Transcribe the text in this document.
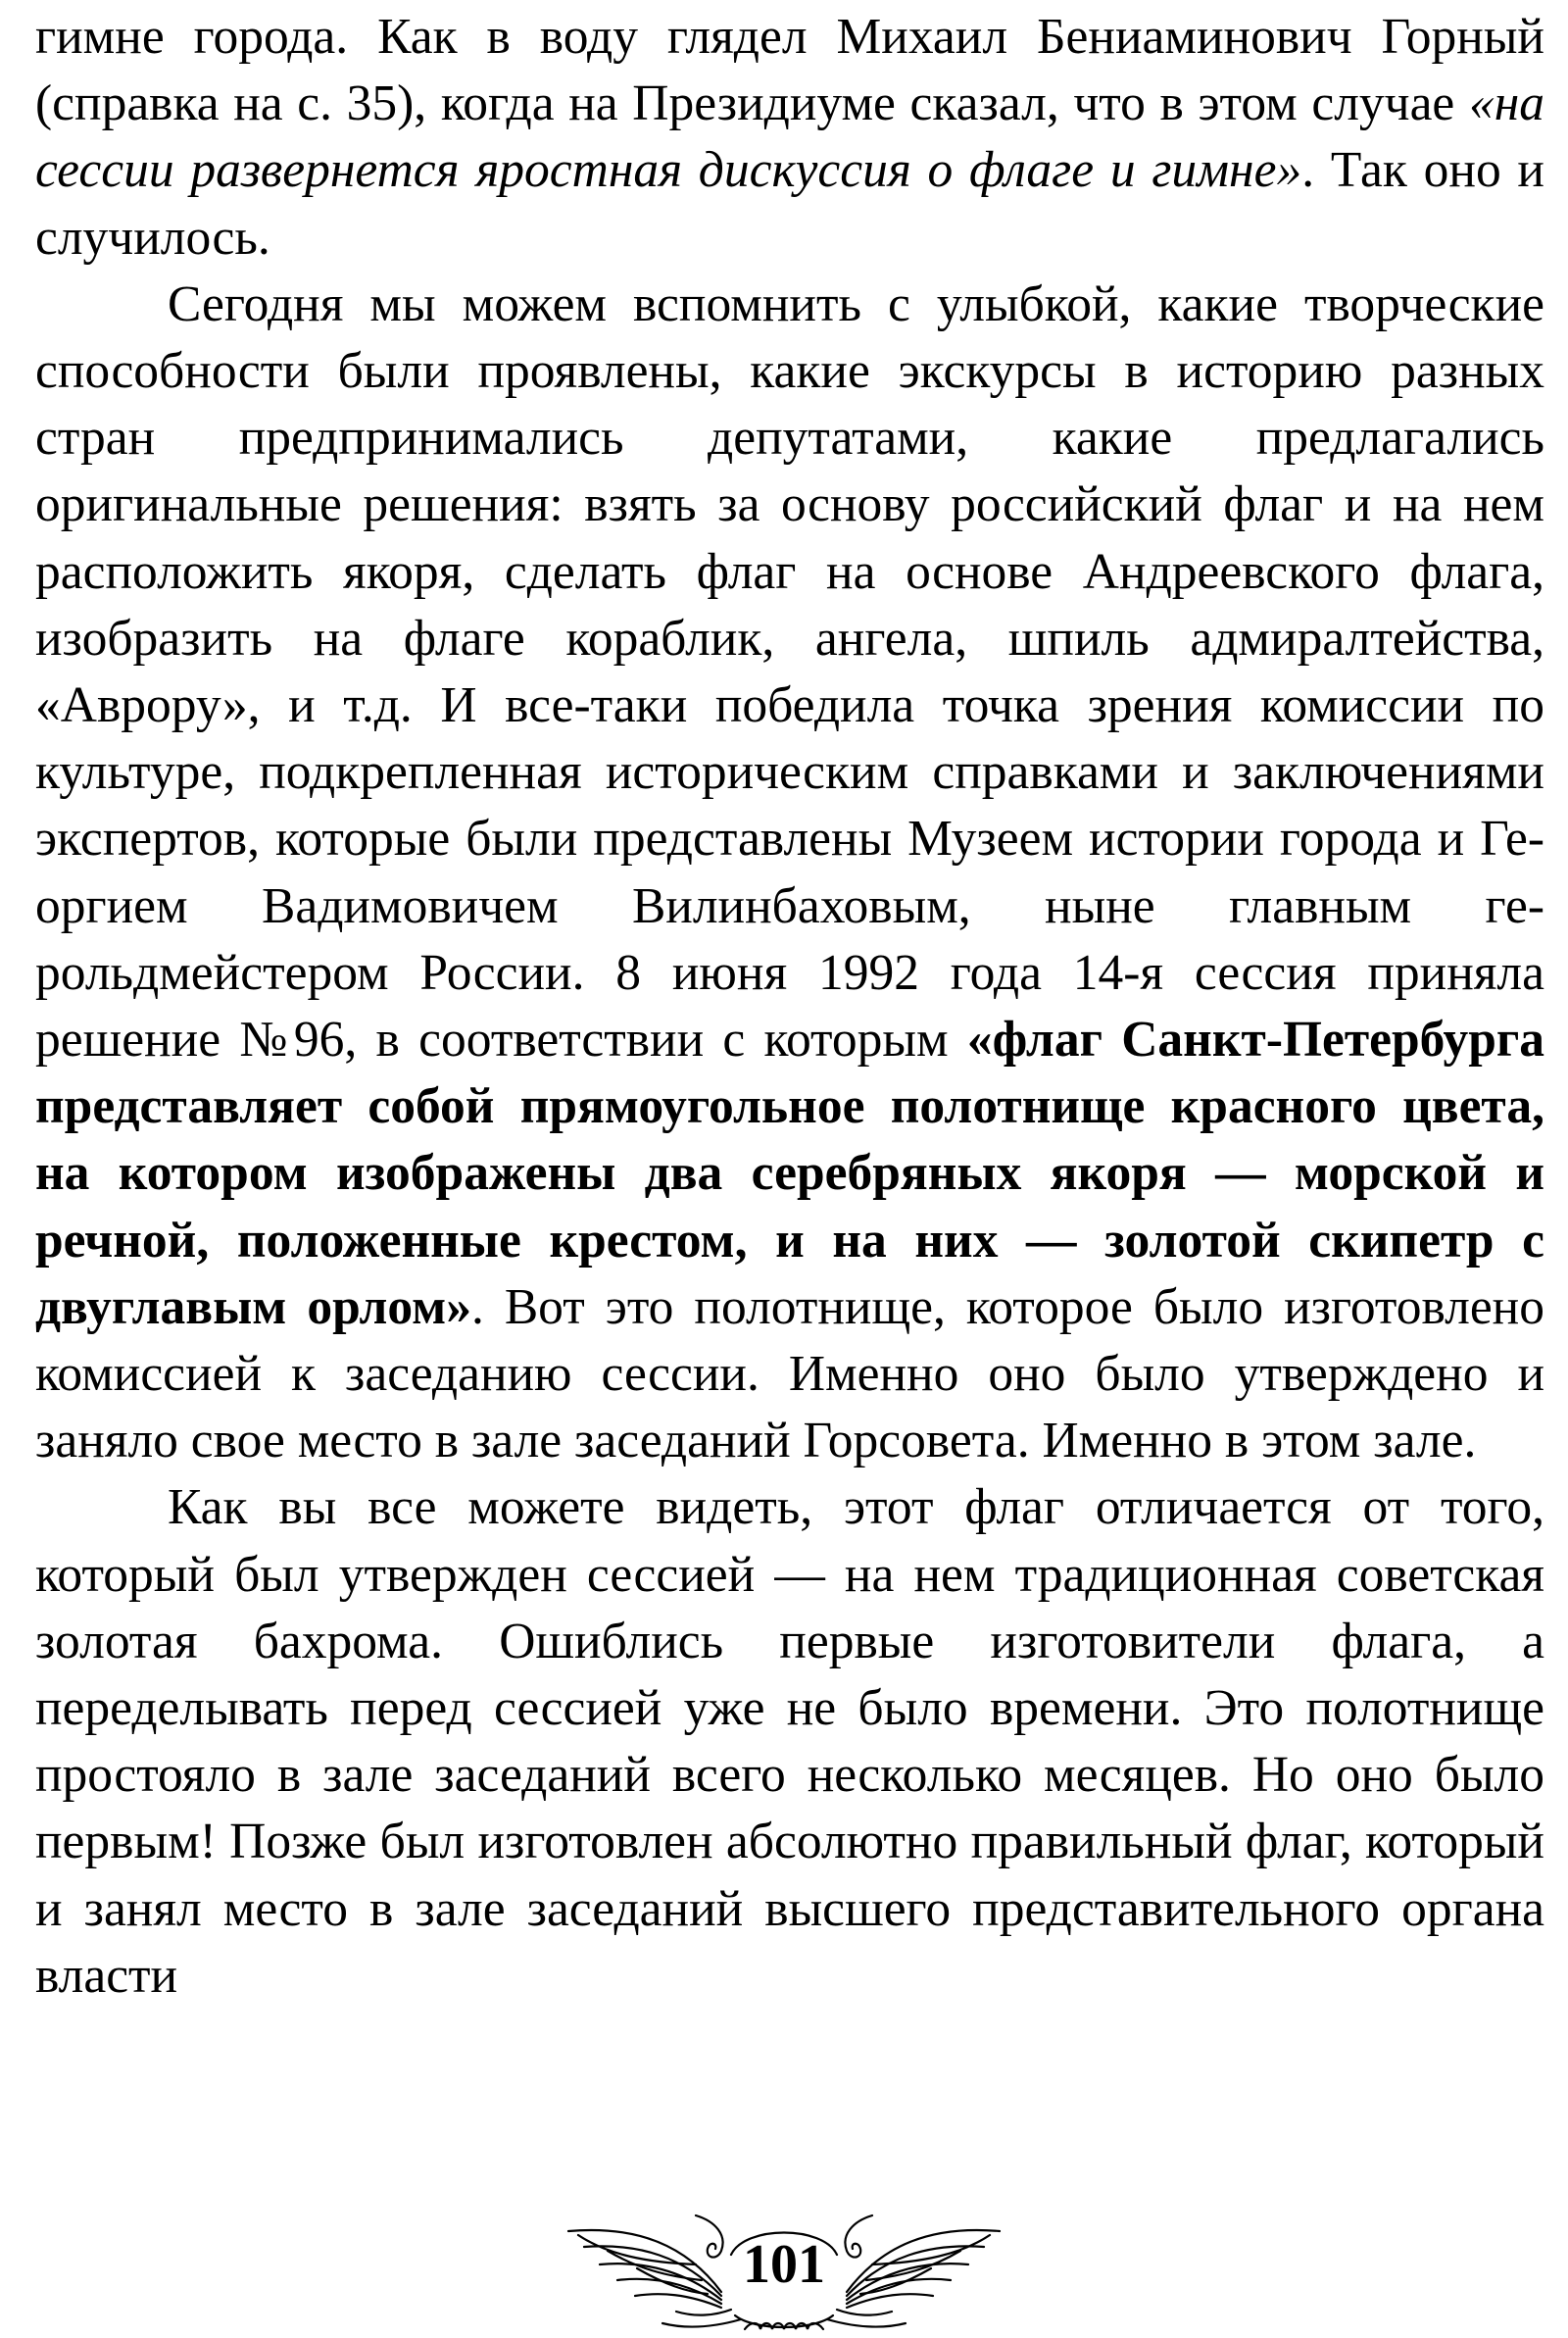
гимне города. Как в воду глядел Михаил Бениаминович Горный (справка на с. 35), когда на Президиуме сказал, что в этом случае «на сессии развернется яростная дискуссия о флаге и гимне». Так оно и случилось.

Сегодня мы можем вспомнить с улыбкой, какие творческие способности были проявлены, какие экскурсы в историю разных стран предпринимались депутатами, какие предлагались оригинальные решения: взять за основу российский флаг и на нем расположить якоря, сделать флаг на основе Андреевского флага, изобразить на флаге кораблик, ангела, шпиль адмиралтейства, «Аврору», и т.д. И все-таки победила точка зрения комиссии по культуре, подкрепленная историческим справками и заключениями экспертов, которые были представлены Музеем истории города и Георгием Вадимовичем Вилинбаховым, ныне главным герольдмейстером России. 8 июня 1992 года 14-я сессия приняла решение №96, в соответствии с которым «флаг Санкт-Петербурга представляет собой прямоугольное полотнище красного цвета, на котором изображены два серебряных якоря — морской и речной, положенные крестом, и на них — золотой скипетр с двуглавым орлом». Вот это полотнище, которое было изготовлено комиссией к заседанию сессии. Именно оно было утверждено и заняло свое место в зале заседаний Горсовета. Именно в этом зале.

Как вы все можете видеть, этот флаг отличается от того, который был утвержден сессией — на нем традиционная советская золотая бахрома. Ошиблись первые изготовители флага, а переделывать перед сессией уже не было времени. Это полотнище простояло в зале заседаний всего несколько месяцев. Но оно было первым! Позже был изготовлен абсолютно правильный флаг, который и занял место в зале заседаний высшего представительного органа власти

101
